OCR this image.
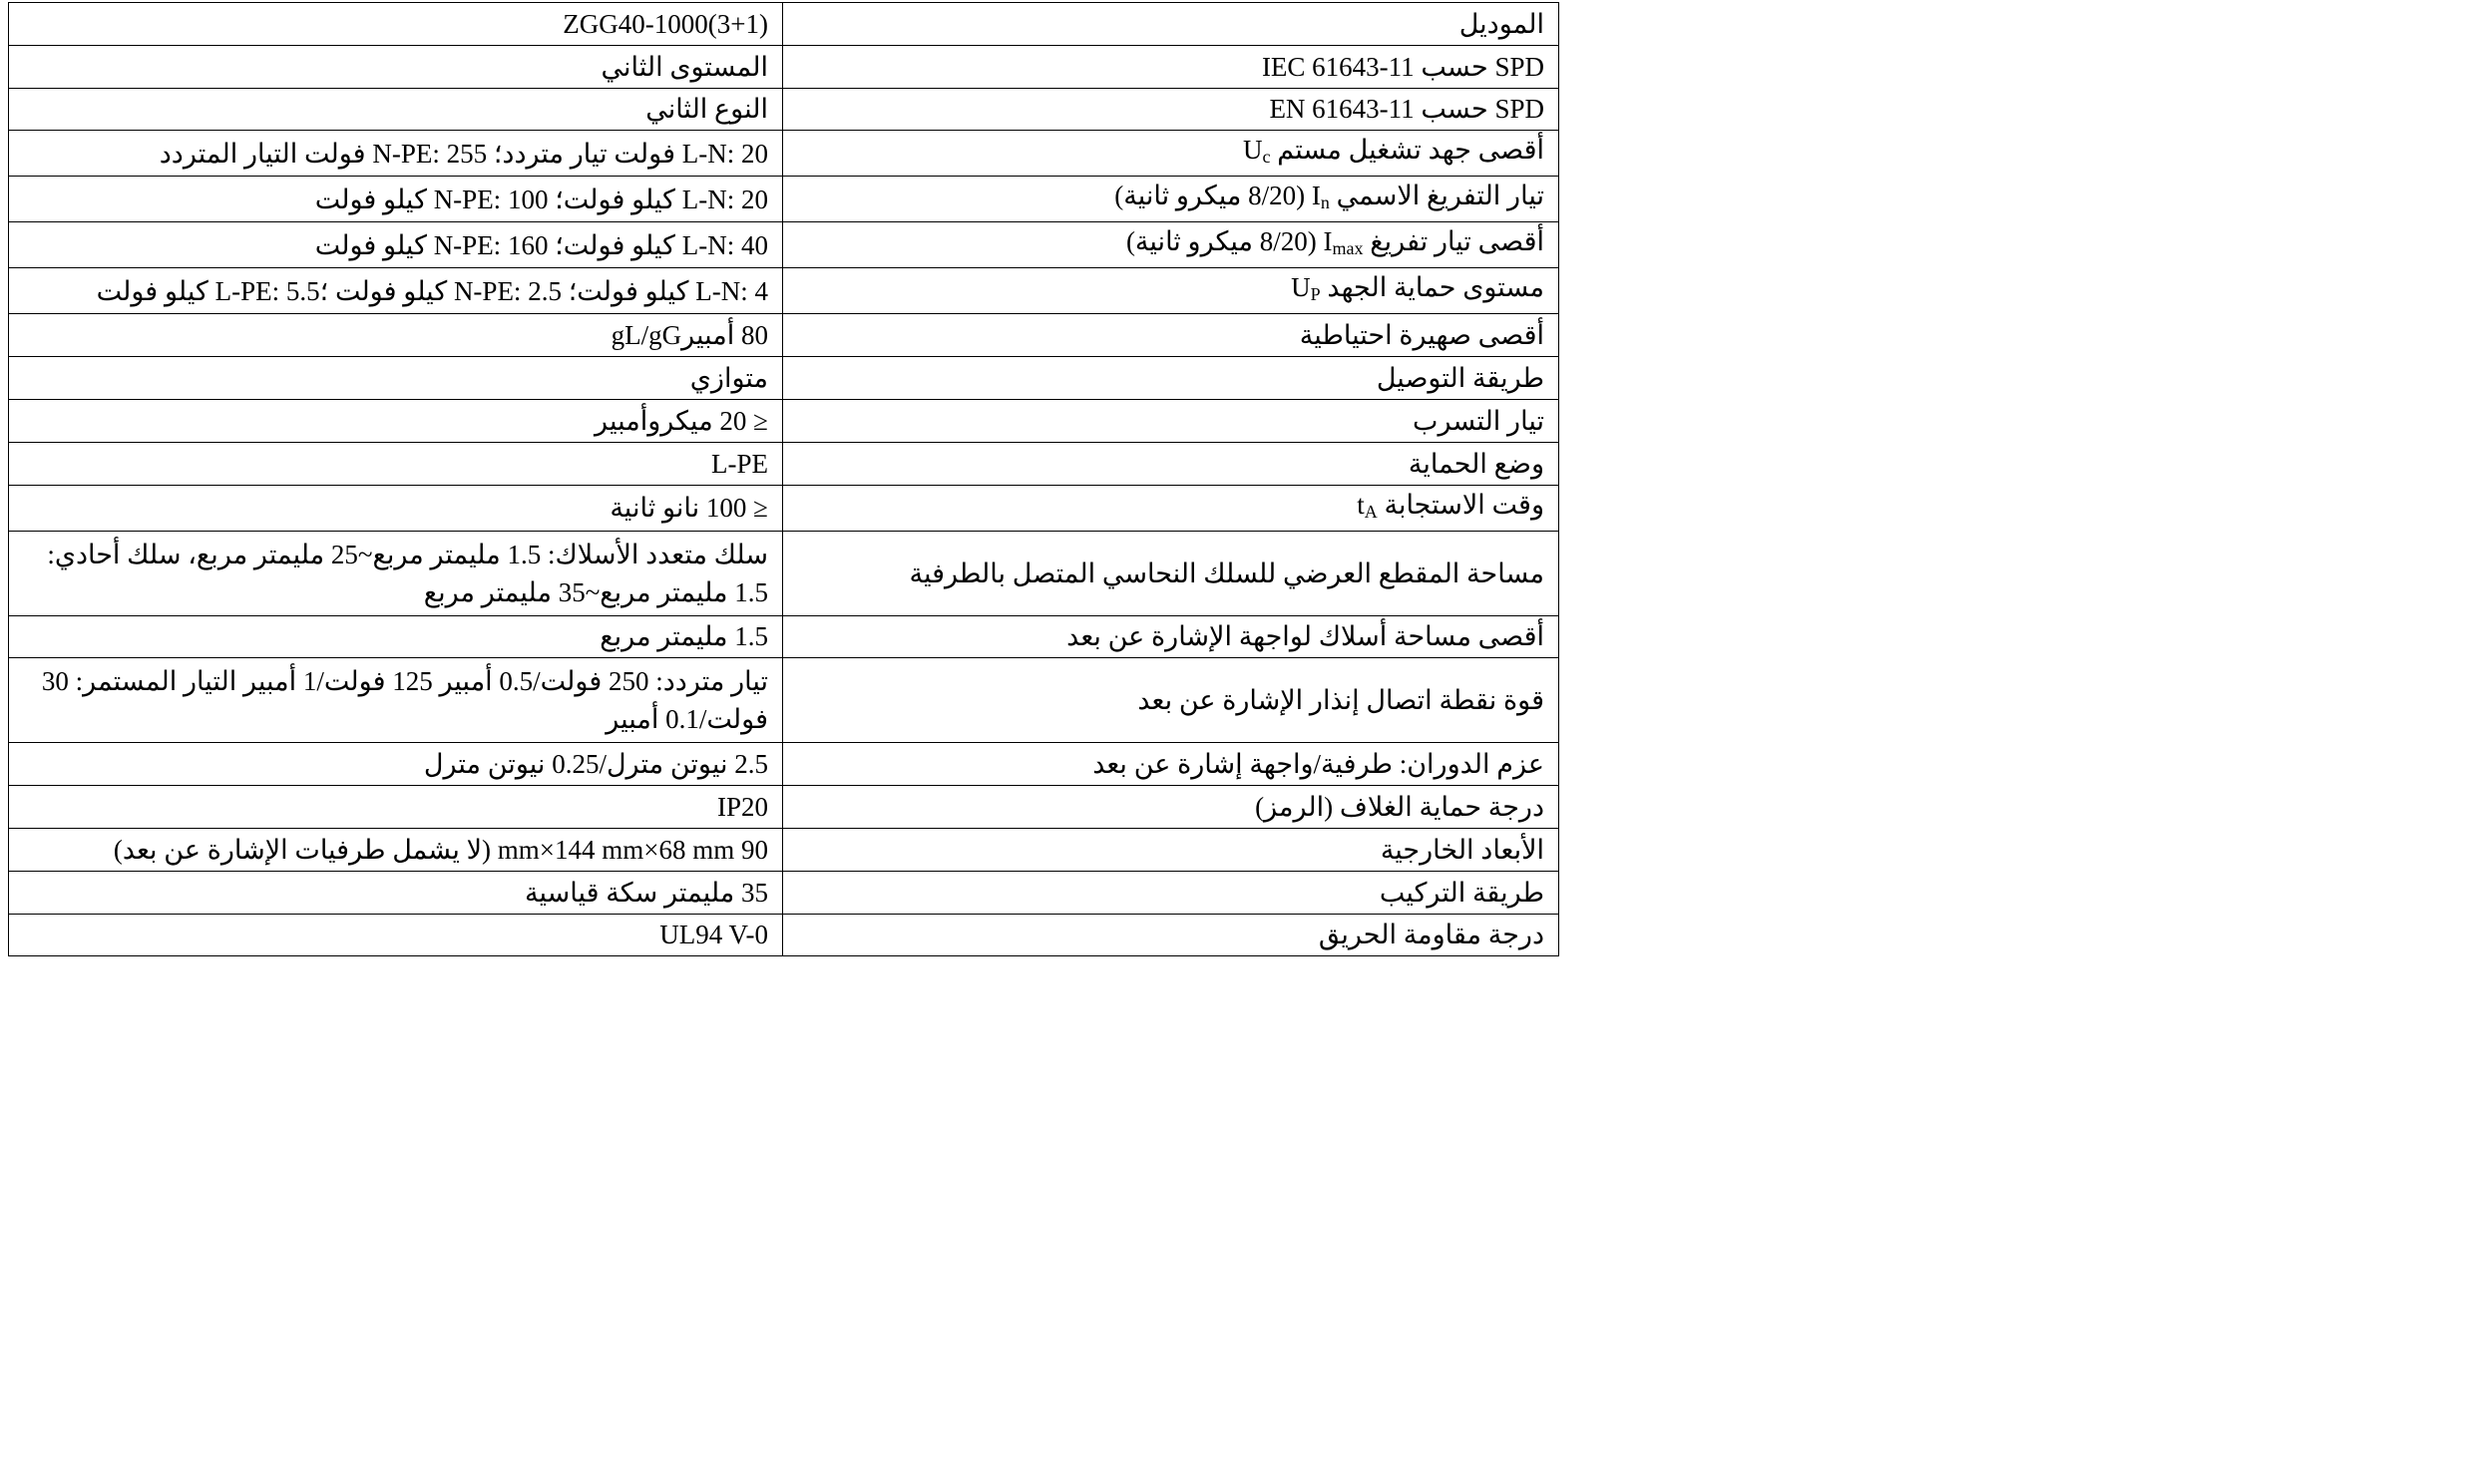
الموديل	ZGG40-1000(3+1)
SPD حسب IEC 61643-11	المستوى الثاني
SPD حسب EN 61643-11	النوع الثاني
أقصى جهد تشغيل مستم $U_c$	L-N: 20 فولت تيار متردد؛ N-PE: 255 فولت التيار المتردد
تيار التفريغ الاسمي $I_n$ (8/20 ميكرو ثانية)	L-N: 20 كيلو فولت؛ N-PE: 100 كيلو فولت
أقصى تيار تفريغ $I_{max}$ (8/20 ميكرو ثانية)	L-N: 40 كيلو فولت؛ N-PE: 160 كيلو فولت
مستوى حماية الجهد $U_P$	L-N: 4 كيلو فولت؛ N-PE: 2.5 كيلو فولت ؛L-PE: 5.5 كيلو فولت
أقصى صهيرة احتياطية	80 أمبيرgL/gG
طريقة التوصيل	متوازي
تيار التسرب	≤ 20 ميكروأمبير
وضع الحماية	L-PE
وقت الاستجابة $t_A$	≤ 100 نانو ثانية
مساحة المقطع العرضي للسلك النحاسي المتصل بالطرفية	سلك متعدد الأسلاك: 1.5 مليمتر مربع~25 مليمتر مربع، سلك أحادي: 1.5 مليمتر مربع~35 مليمتر مربع
أقصى مساحة أسلاك لواجهة الإشارة عن بعد	1.5 مليمتر مربع
قوة نقطة اتصال إنذار الإشارة عن بعد	تيار متردد: 250 فولت/0.5 أمبير 125 فولت/1 أمبير التيار المستمر: 30 فولت/0.1 أمبير
عزم الدوران: طرفية/واجهة إشارة عن بعد	2.5 نيوتن مترل/0.25 نيوتن مترل
درجة حماية الغلاف (الرمز)	IP20
الأبعاد الخارجية	90 mm×144 mm×68 mm (لا يشمل طرفيات الإشارة عن بعد)
طريقة التركيب	35 مليمتر سكة قياسية
درجة مقاومة الحريق	UL94 V-0
